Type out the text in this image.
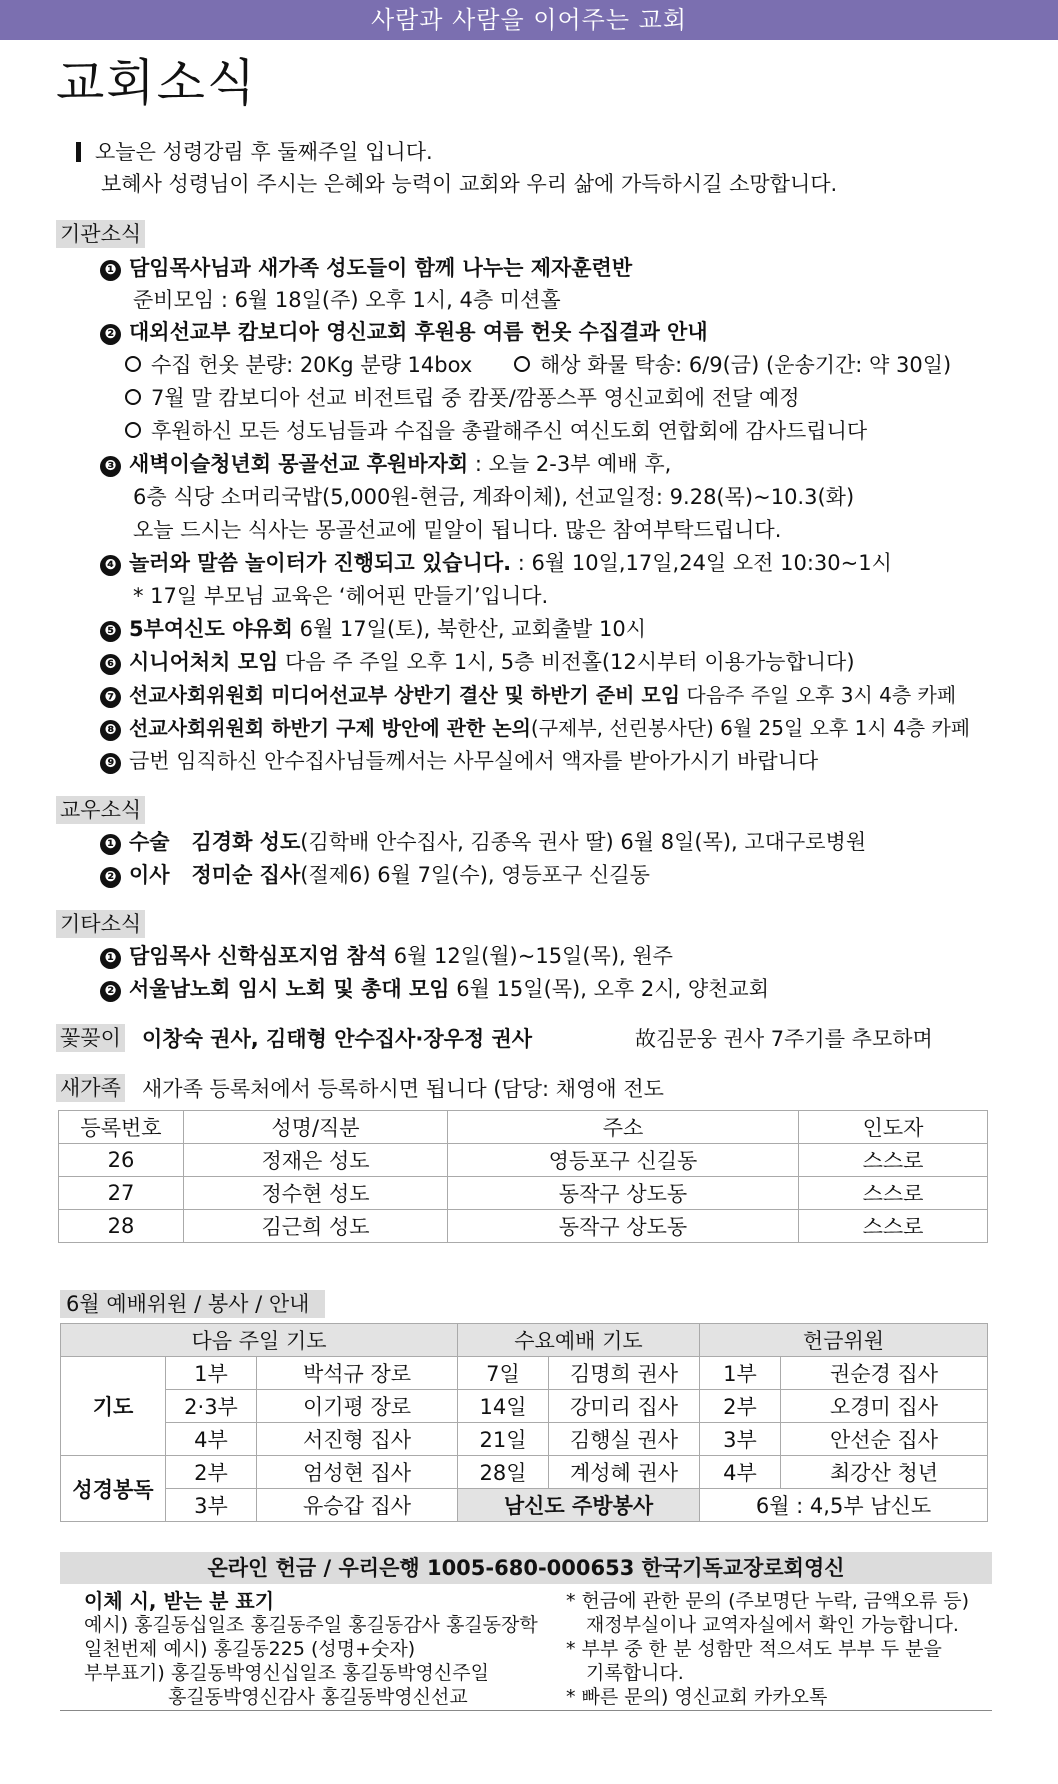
사람과 사람을 이어주는 교회
교회소식
오늘은 성령강림 후 둘째주일 입니다.
보혜사 성령님이 주시는 은혜와 능력이 교회와 우리 삶에 가득하시길 소망합니다.
기관소식
❶ 담임목사님과 새가족 성도들이 함께 나누는 제자훈련반
준비모임 : 6월 18일(주) 오후 1시, 4층 미션홀
❷ 대외선교부 캄보디아 영신교회 후원용 여름 헌옷 수집결과 안내
수집 헌옷 분량: 20Kg 분량 14box	해상 화물 탁송: 6/9(금) (운송기간: 약 30일)
7월 말 캄보디아 선교 비전트립 중 캄폿/깜퐁스푸 영신교회에 전달 예정
후원하신 모든 성도님들과 수집을 총괄해주신 여신도회 연합회에 감사드립니다
❸ 새벽이슬청년회 몽골선교 후원바자회 : 오늘 2-3부 예배 후,
6층 식당 소머리국밥(5,000원-현금, 계좌이체), 선교일정: 9.28(목)~10.3(화)
오늘 드시는 식사는 몽골선교에 밑알이 됩니다. 많은 참여부탁드립니다.
❹ 놀러와 말씀 놀이터가 진행되고 있습니다. : 6월 10일,17일,24일 오전 10:30~1시
* 17일 부모님 교육은 ‘헤어핀 만들기’입니다.
❺ 5부여신도 야유회 6월 17일(토), 북한산, 교회출발 10시
❻ 시니어처치 모임 다음 주 주일 오후 1시, 5층 비전홀(12시부터 이용가능합니다)
❼ 선교사회위원회 미디어선교부 상반기 결산 및 하반기 준비 모임 다음주 주일 오후 3시 4층 카페
❽ 선교사회위원회 하반기 구제 방안에 관한 논의(구제부, 선린봉사단) 6월 25일 오후 1시 4층 카페
❾ 금번 임직하신 안수집사님들께서는 사무실에서 액자를 받아가시기 바랍니다
교우소식
❶ 수술   김경화 성도(김학배 안수집사, 김종옥 권사 딸) 6월 8일(목), 고대구로병원
❷ 이사   정미순 집사(절제6) 6월 7일(수), 영등포구 신길동
기타소식
❶ 담임목사 신학심포지엄 참석 6월 12일(월)~15일(목), 원주
❷ 서울남노회 임시 노회 및 총대 모임 6월 15일(목), 오후 2시, 양천교회
꽃꽂이 이창숙 권사, 김태형 안수집사·장우정 권사	故김문웅 권사 7주기를 추모하며
새가족 새가족 등록처에서 등록하시면 됩니다 (담당: 채영애 전도
등록번호	성명/직분	주소	인도자
26	정재은 성도	영등포구 신길동	스스로
27	정수현 성도	동작구 상도동	스스로
28	김근희 성도	동작구 상도동	스스로
6월 예배위원 / 봉사 / 안내
다음 주일 기도			수요예배 기도		헌금위원	
기도	1부	박석규 장로	7일	김명희 권사	1부	권순경 집사
	2·3부	이기평 장로	14일	강미리 집사	2부	오경미 집사
	4부	서진형 집사	21일	김행실 권사	3부	안선순 집사
성경봉독	2부	엄성현 집사	28일	계성혜 권사	4부	최강산 청년
	3부	유승갑 집사	남신도 주방봉사		6월 : 4,5부 남신도	
온라인 헌금 / 우리은행 1005-680-000653 한국기독교장로회영신
이체 시, 받는 분 표기
예시) 홍길동십일조 홍길동주일 홍길동감사 홍길동장학
일천번제 예시) 홍길동225 (성명+숫자)
부부표기) 홍길동박영신십일조 홍길동박영신주일
홍길동박영신감사 홍길동박영신선교
* 헌금에 관한 문의 (주보명단 누락, 금액오류 등)
재정부실이나 교역자실에서 확인 가능합니다.
* 부부 중 한 분 성함만 적으셔도 부부 두 분을
기록합니다.
* 빠른 문의) 영신교회 카카오톡
